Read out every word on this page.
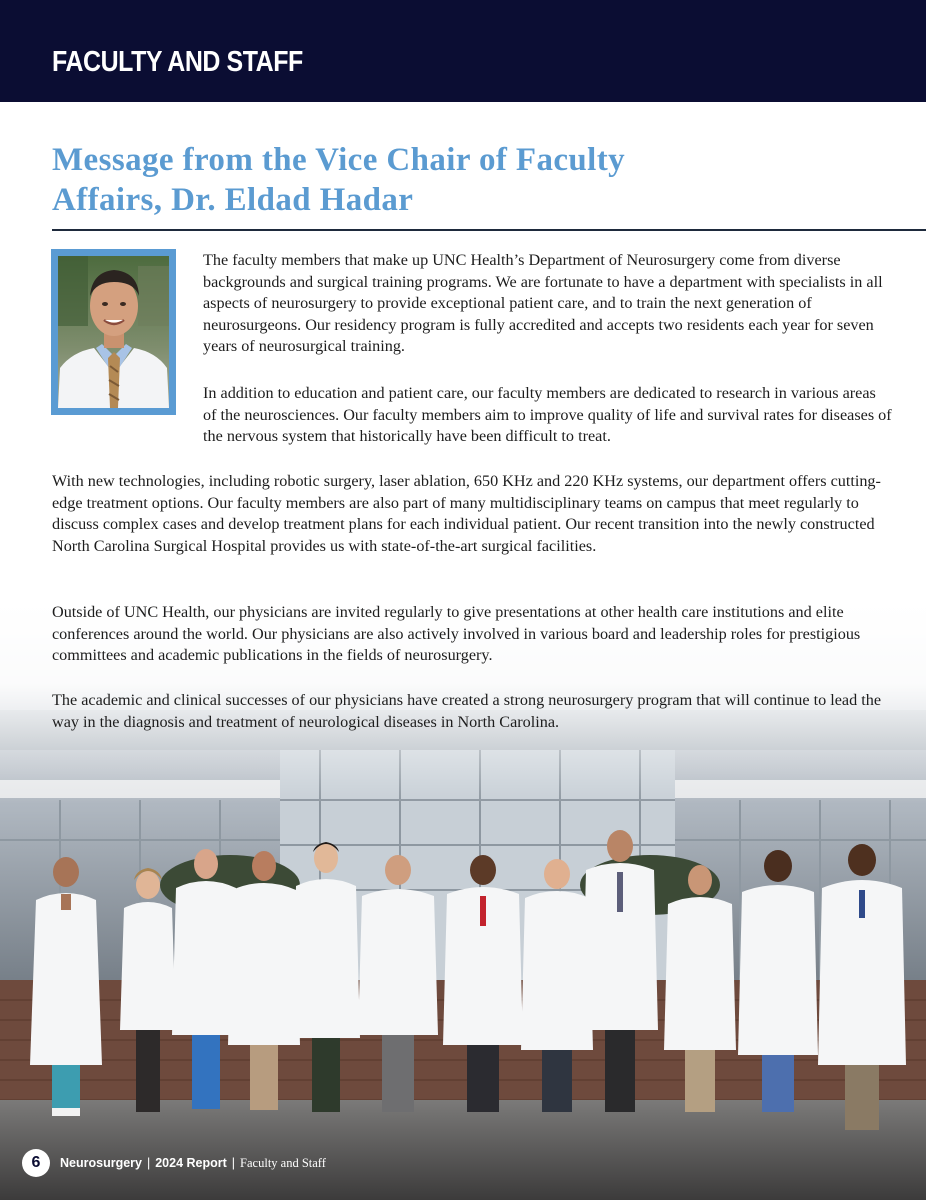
FACULTY AND STAFF
Message from the Vice Chair of Faculty
Affairs, Dr. Eldad Hadar

The faculty members that make up UNC Health’s Department of Neurosurgery come from diverse backgrounds and surgical training programs. We are fortunate to have a department with specialists in all aspects of neurosurgery to provide exceptional patient care, and to train the next generation of neurosurgeons. Our residency program is fully accredited and accepts two residents each year for seven years of neurosurgical training.

In addition to education and patient care, our faculty members are dedicated to research in various areas of the neurosciences. Our faculty members aim to improve quality of life and survival rates for diseases of the nervous system that historically have been difficult to treat.

With new technologies, including robotic surgery, laser ablation, 650 KHz and 220 KHz systems, our department offers cutting-edge treatment options. Our faculty members are also part of many multidisciplinary teams on campus that meet regularly to discuss complex cases and develop treatment plans for each individual patient. Our recent transition into the newly constructed North Carolina Surgical Hospital provides us with state-of-the-art surgical facilities.

Outside of UNC Health, our physicians are invited regularly to give presentations at other health care institutions and elite conferences around the world. Our physicians are also actively involved in various board and leadership roles for prestigious committees and academic publications in the fields of neurosurgery.

The academic and clinical successes of our physicians have created a strong neurosurgery program that will continue to lead the way in the diagnosis and treatment of neurological diseases in North Carolina.

6	Neurosurgery | 2024 Report | Faculty and Staff
